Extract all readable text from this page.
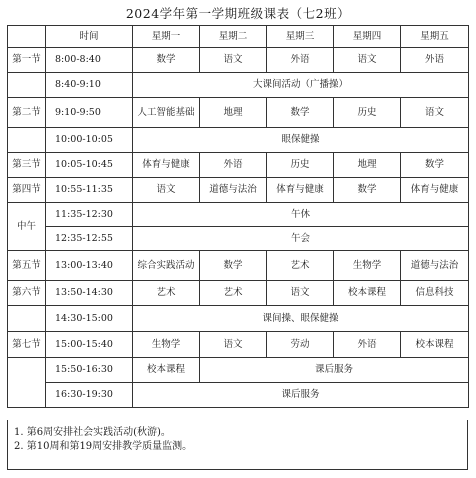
2024学年第一学期班级课表（七2班）
	时间	星期一	星期二	星期三	星期四	星期五
第一节	8:00-8:40	数学	语文	外语	语文	外语
	8:40-9:10	大课间活动（广播操）				
第二节	9:10-9:50	人工智能基础	地理	数学	历史	语文
	10:00-10:05	眼保健操				
第三节	10:05-10:45	体育与健康	外语	历史	地理	数学
第四节	10:55-11:35	语文	道德与法治	体育与健康	数学	体育与健康
中午	11:35-12:30	午休				
	12:35-12:55	午会				
第五节	13:00-13:40	综合实践活动	数学	艺术	生物学	道德与法治
第六节	13:50-14:30	艺术	艺术	语文	校本课程	信息科技
	14:30-15:00	课间操、眼保健操				
第七节	15:00-15:40	生物学	语文	劳动	外语	校本课程
	15:50-16:30	校本课程	课后服务			
	16:30-19:30	课后服务				
1. 第6周安排社会实践活动(秋游)。
2. 第10周和第19周安排教学质量监测。
